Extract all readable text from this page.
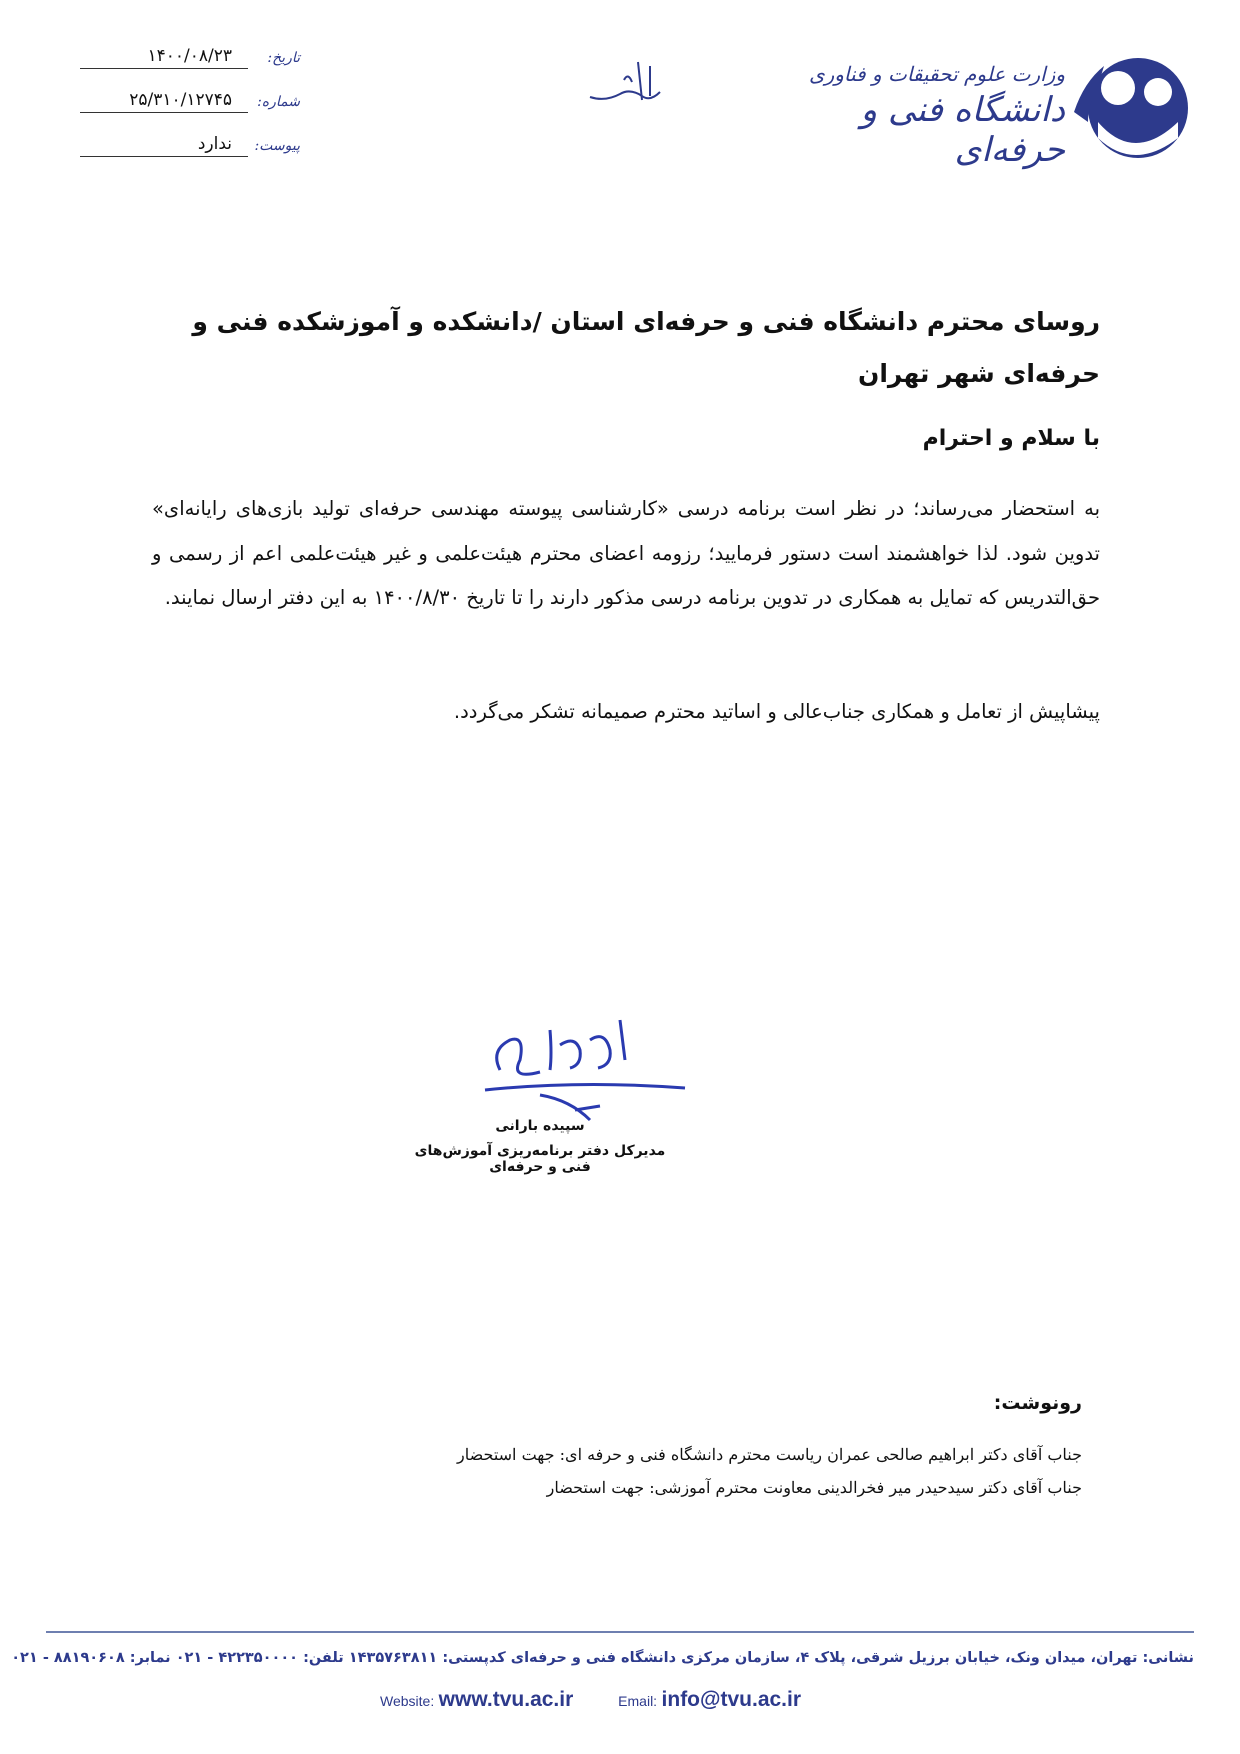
تاریخ:
۱۴۰۰/۰۸/۲۳
شماره:
۲۵/۳۱۰/۱۲۷۴۵
پیوست:
ندارد
باسمه تعالی
وزارت علوم تحقیقات و فناوری
دانشگاه فنی و حرفه‌ای
روسای محترم دانشگاه فنی و حرفه‌ای استان /دانشکده و آموزشکده فنی و حرفه‌ای شهر تهران
با سلام و احترام
به استحضار می‌رساند؛ در نظر است برنامه درسی «کارشناسی پیوسته مهندسی حرفه‌ای تولید بازی‌های رایانه‌ای» تدوین شود. لذا خواهشمند است دستور فرمایید؛ رزومه اعضای محترم هیئت‌علمی و غیر هیئت‌علمی اعم از رسمی و حق‌التدریس که تمایل به همکاری در تدوین برنامه درسی مذکور دارند را تا تاریخ ۱۴۰۰/۸/۳۰ به این دفتر ارسال نمایند.
پیشاپیش از تعامل و همکاری جناب‌عالی و اساتید محترم صمیمانه تشکر می‌گردد.
سپیده بارانی
مدیرکل دفتر برنامه‌ریزی آموزش‌های فنی و حرفه‌ای
رونوشت:
جناب آقای دکتر ابراهیم صالحی عمران ریاست محترم دانشگاه فنی و حرفه ای: جهت استحضار
جناب آقای دکتر سیدحیدر میر فخرالدینی معاونت محترم آموزشی: جهت استحضار
نشانی: تهران، میدان ونک، خیابان برزیل شرقی، پلاک ۴، سازمان مرکزی دانشگاه فنی و حرفه‌ای کدپستی: ۱۴۳۵۷۶۳۸۱۱ تلفن: ۴۲۲۳۵۰۰۰۰ - ۰۲۱ نمابر: ۸۸۱۹۰۶۰۸ - ۰۲۱
Website: www.tvu.ac.ir	Email: info@tvu.ac.ir
